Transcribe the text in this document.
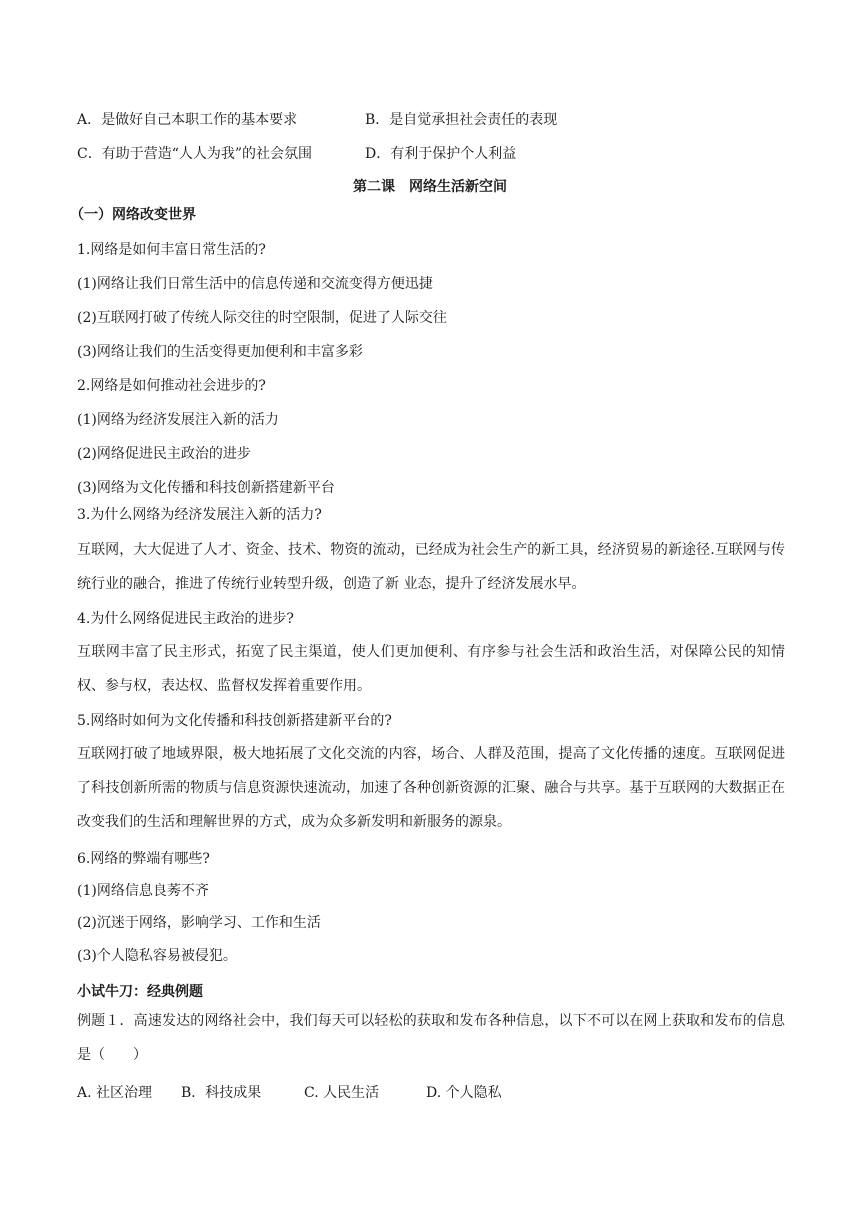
A．是做好自己本职工作的基本要求	B．是自觉承担社会责任的表现
C．有助于营造“人人为我”的社会氛围	D．有利于保护个人利益
第二课　网络生活新空间
（一）网络改变世界
1.网络是如何丰富日常生活的?
(1)网络让我们日常生活中的信息传递和交流变得方便迅捷
(2)互联网打破了传统人际交往的时空限制，促进了人际交往
(3)网络让我们的生活变得更加便利和丰富多彩
2.网络是如何推动社会进步的?
(1)网络为经济发展注入新的活力
(2)网络促进民主政治的进步
(3)网络为文化传播和科技创新搭建新平台
3.为什么网络为经济发展注入新的活力?
互联网，大大促进了人才、资金、技术、物资的流动，已经成为社会生产的新工具，经济贸易的新途径.互联网与传统行业的融合，推进了传统行业转型升级，创造了新 业态，提升了经济发展水早。
4.为什么网络促进民主政治的进步?
互联网丰富了民主形式，拓宽了民主渠道，使人们更加便利、有序参与社会生活和政治生活，对保障公民的知情权、参与权，表达权、监督权发挥着重要作用。
5.网络时如何为文化传播和科技创新搭建新平台的?
互联网打破了地域界限，极大地拓展了文化交流的内容，场合、人群及范围，提高了文化传播的速度。互联网促进了科技创新所需的物质与信息资源快速流动，加速了各种创新资源的汇聚、融合与共享。基于互联网的大数据正在改变我们的生活和理解世界的方式，成为众多新发明和新服务的源泉。
6.网络的弊端有哪些?
(1)网络信息良莠不齐
(2)沉迷于网络，影响学习、工作和生活
(3)个人隐私容易被侵犯。
小试牛刀：经典例题
例题１．高速发达的网络社会中，我们每天可以轻松的获取和发布各种信息，以下不可以在网上获取和发布的信息是（　　）
A. 社区治理 B．科技成果	C. 人民生活	D. 个人隐私
